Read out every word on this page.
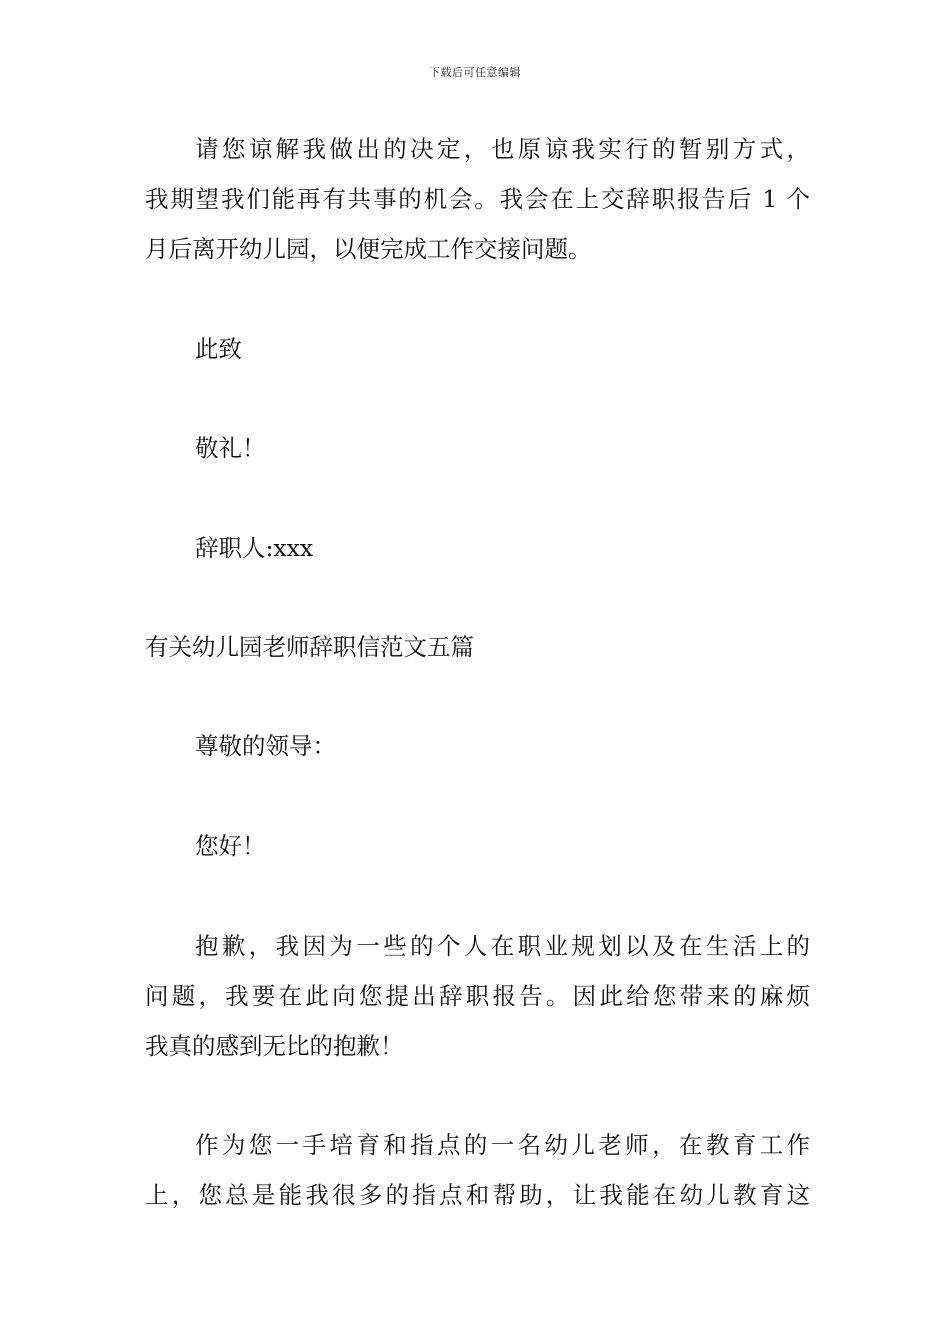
下载后可任意编辑
请您谅解我做出的决定，也原谅我实行的暂别方式，
我期望我们能再有共事的机会。我会在上交辞职报告后 1 个
月后离开幼儿园，以便完成工作交接问题。
此致
敬礼！
辞职人:xxx
有关幼儿园老师辞职信范文五篇
尊敬的领导：
您好！
抱歉，我因为一些的个人在职业规划以及在生活上的
问题，我要在此向您提出辞职报告。因此给您带来的麻烦
我真的感到无比的抱歉！
作为您一手培育和指点的一名幼儿老师，在教育工作
上，您总是能我很多的指点和帮助，让我能在幼儿教育这
